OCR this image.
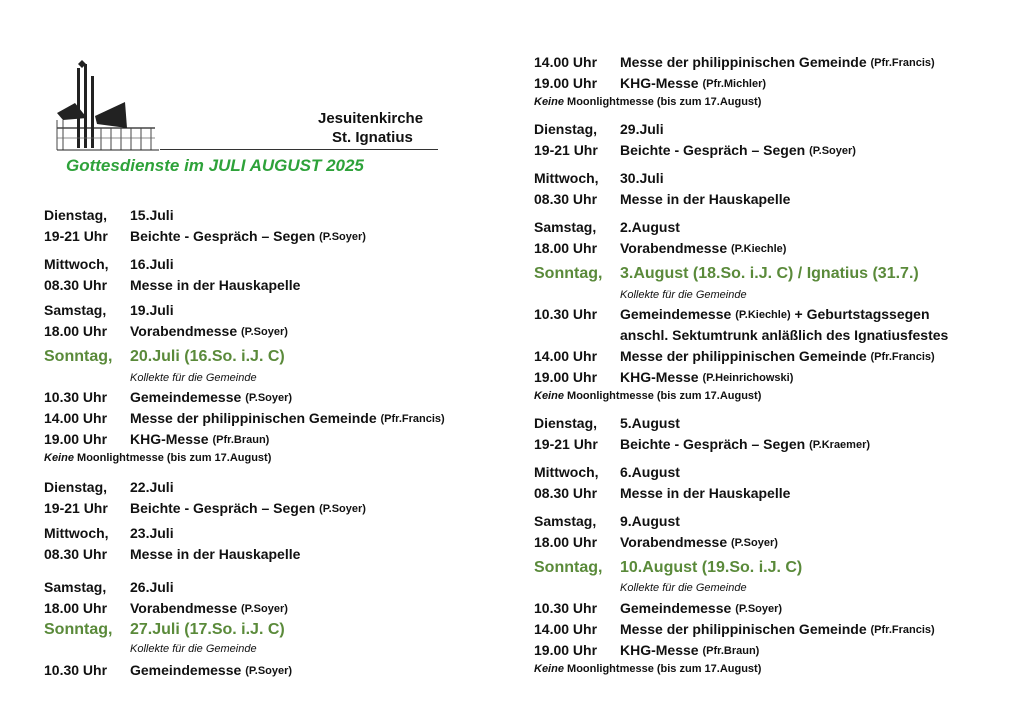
Jesuitenkirche
St. Ignatius
Gottesdienste im JULI AUGUST 2025
Dienstag,	15.Juli
19-21 Uhr	Beichte - Gespräch – Segen
(P.Soyer)
Mittwoch,	16.Juli
08.30 Uhr	Messe in der Hauskapelle
Samstag,	19.Juli
18.00 Uhr	Vorabendmesse
(P.Soyer)
Sonntag,	20.Juli (16.So. i.J. C)
Kollekte für die Gemeinde
10.30 Uhr	Gemeindemesse
(P.Soyer)
14.00 Uhr	Messe der philippinischen Gemeinde
(Pfr.Francis)
19.00 Uhr	KHG-Messe
(Pfr.Braun)
Keine Moonlightmesse (bis zum 17.August)
Dienstag,	22.Juli
19-21 Uhr	Beichte - Gespräch – Segen
(P.Soyer)
Mittwoch,	23.Juli
08.30 Uhr	Messe in der Hauskapelle
Samstag,	26.Juli
18.00 Uhr	Vorabendmesse
(P.Soyer)
Sonntag,	27.Juli (17.So. i.J. C)
Kollekte für die Gemeinde
10.30 Uhr	Gemeindemesse
(P.Soyer)
14.00 Uhr	Messe der philippinischen Gemeinde
(Pfr.Francis)
19.00 Uhr	KHG-Messe
(Pfr.Michler)
Keine Moonlightmesse (bis zum 17.August)
Dienstag,	29.Juli
19-21 Uhr	Beichte - Gespräch – Segen
(P.Soyer)
Mittwoch,	30.Juli
08.30 Uhr	Messe in der Hauskapelle
Samstag,	2.August
18.00 Uhr	Vorabendmesse
(P.Kiechle)
Sonntag,	3.August (18.So. i.J. C) / Ignatius (31.7.)
Kollekte für die Gemeinde
10.30 Uhr	Gemeindemesse
(P.Kiechle)
+ Geburtstagssegen
anschl. Sektumtrunk anläßlich des Ignatiusfestes
14.00 Uhr	Messe der philippinischen Gemeinde
(Pfr.Francis)
19.00 Uhr	KHG-Messe
(P.Heinrichowski)
Keine Moonlightmesse (bis zum 17.August)
Dienstag,	5.August
19-21 Uhr	Beichte - Gespräch – Segen
(P.Kraemer)
Mittwoch,	6.August
08.30 Uhr	Messe in der Hauskapelle
Samstag,	9.August
18.00 Uhr	Vorabendmesse
(P.Soyer)
Sonntag,	10.August (19.So. i.J. C)
Kollekte für die Gemeinde
10.30 Uhr	Gemeindemesse
(P.Soyer)
14.00 Uhr	Messe der philippinischen Gemeinde
(Pfr.Francis)
19.00 Uhr	KHG-Messe
(Pfr.Braun)
Keine Moonlightmesse (bis zum 17.August)
